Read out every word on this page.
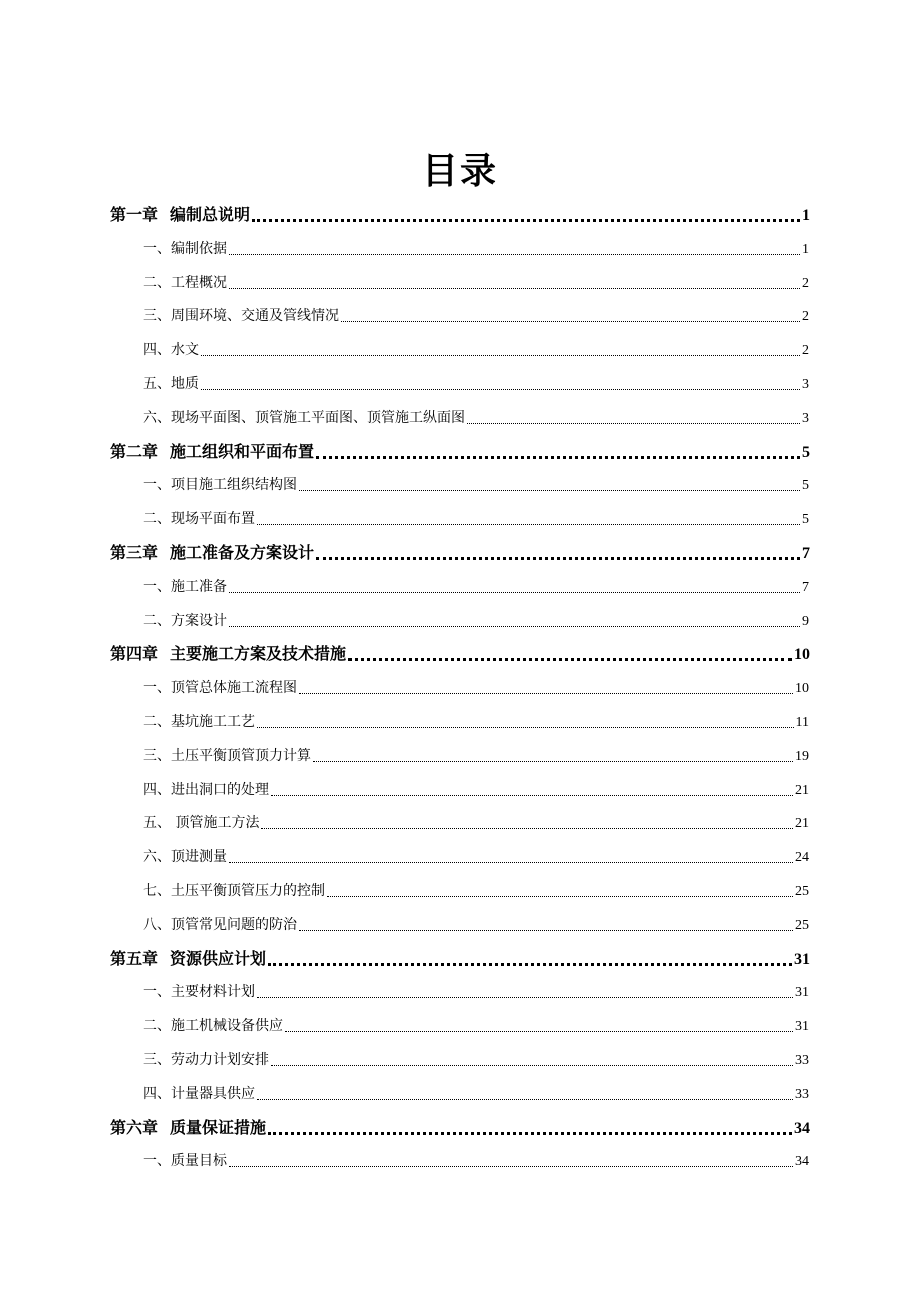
目录
第一章 编制总说明	1
一、编制依据	1
二、工程概况	2
三、周围环境、交通及管线情况	2
四、水文	2
五、地质	3
六、现场平面图、顶管施工平面图、顶管施工纵面图	3
第二章 施工组织和平面布置	5
一、项目施工组织结构图	5
二、现场平面布置	5
第三章 施工准备及方案设计	7
一、施工准备	7
二、方案设计	9
第四章 主要施工方案及技术措施	10
一、顶管总体施工流程图	10
二、基坑施工工艺	11
三、土压平衡顶管顶力计算	19
四、进出洞口的处理	21
五、 顶管施工方法	21
六、顶进测量	24
七、土压平衡顶管压力的控制	25
八、顶管常见问题的防治	25
第五章 资源供应计划	31
一、主要材料计划	31
二、施工机械设备供应	31
三、劳动力计划安排	33
四、计量器具供应	33
第六章 质量保证措施	34
一、质量目标	34
